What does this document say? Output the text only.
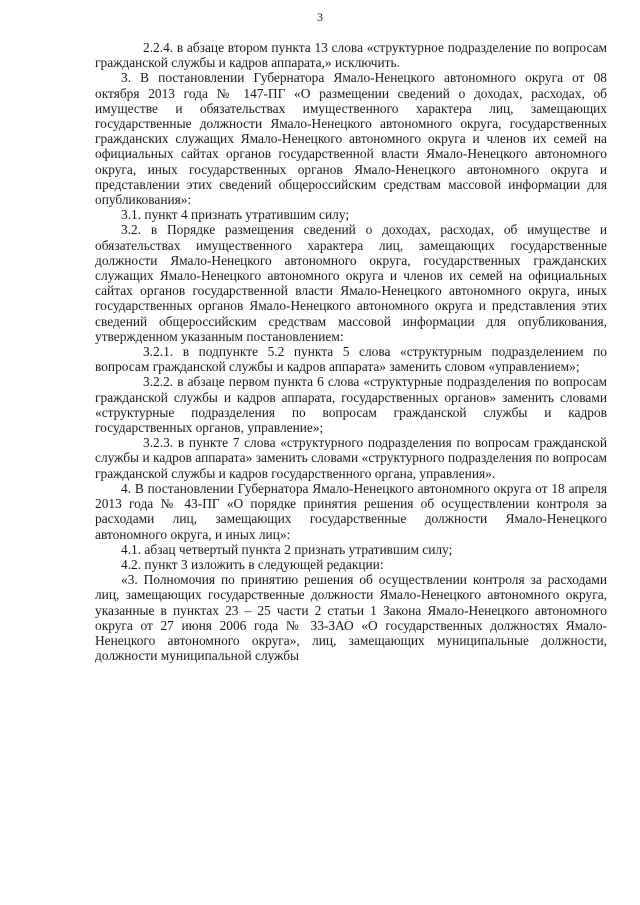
3

2.2.4. в абзаце втором пункта 13 слова «структурное подразделение по вопросам гражданской службы и кадров аппарата,» исключить.

3. В постановлении Губернатора Ямало-Ненецкого автономного округа от 08 октября 2013 года № 147-ПГ «О размещении сведений о доходах, расходах, об имуществе и обязательствах имущественного характера лиц, замещающих государственные должности Ямало-Ненецкого автономного округа, государственных гражданских служащих Ямало-Ненецкого автономного округа и членов их семей на официальных сайтах органов государственной власти Ямало-Ненецкого автономного округа, иных государственных органов Ямало-Ненецкого автономного округа и представлении этих сведений общероссийским средствам массовой информации для опубликования»:

3.1. пункт 4 признать утратившим силу;

3.2. в Порядке размещения сведений о доходах, расходах, об имуществе и обязательствах имущественного характера лиц, замещающих государственные должности Ямало-Ненецкого автономного округа, государственных гражданских служащих Ямало-Ненецкого автономного округа и членов их семей на официальных сайтах органов государственной власти Ямало-Ненецкого автономного округа, иных государственных органов Ямало-Ненецкого автономного округа и представления этих сведений общероссийским средствам массовой информации для опубликования, утвержденном указанным постановлением:

3.2.1. в подпункте 5.2 пункта 5 слова «структурным подразделением по вопросам гражданской службы и кадров аппарата» заменить словом «управлением»;

3.2.2. в абзаце первом пункта 6 слова «структурные подразделения по вопросам гражданской службы и кадров аппарата, государственных органов» заменить словами «структурные подразделения по вопросам гражданской службы и кадров государственных органов, управление»;

3.2.3. в пункте 7 слова «структурного подразделения по вопросам гражданской службы и кадров аппарата» заменить словами «структурного подразделения по вопросам гражданской службы и кадров государственного органа, управления».

4. В постановлении Губернатора Ямало-Ненецкого автономного округа от 18 апреля 2013 года № 43-ПГ «О порядке принятия решения об осуществлении контроля за расходами лиц, замещающих государственные должности Ямало-Ненецкого автономного округа, и иных лиц»:

4.1. абзац четвертый пункта 2 признать утратившим силу;

4.2. пункт 3 изложить в следующей редакции:

«3. Полномочия по принятию решения об осуществлении контроля за расходами лиц, замещающих государственные должности Ямало-Ненецкого автономного округа, указанные в пунктах 23 – 25 части 2 статьи 1 Закона Ямало-Ненецкого автономного округа от 27 июня 2006 года № 33-ЗАО «О государственных должностях Ямало-Ненецкого автономного округа», лиц, замещающих муниципальные должности, должности муниципальной службы
